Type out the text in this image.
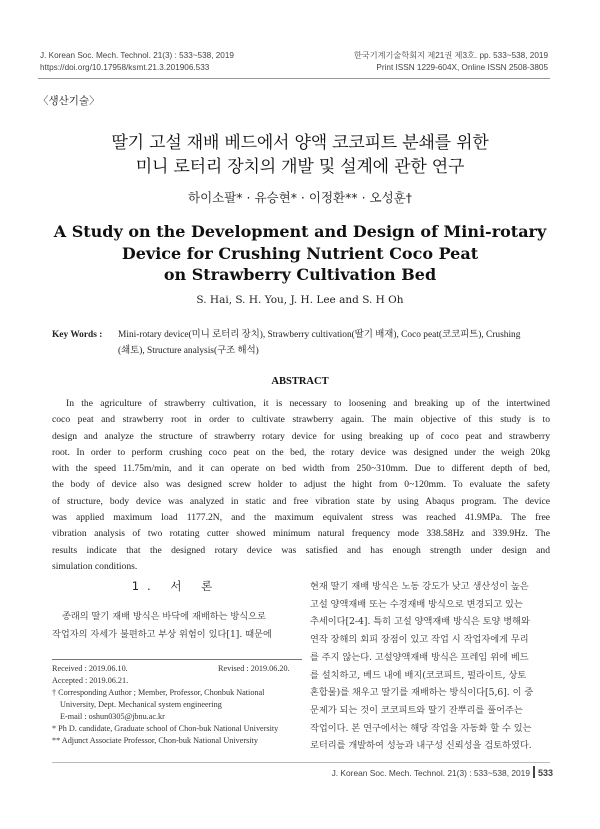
J. Korean Soc. Mech. Technol. 21(3) : 533~538, 2019
https://doi.org/10.17958/ksmt.21.3.201906.533
한국기계기술학회지 제21권 제3호. pp. 533~538, 2019
Print ISSN 1229-604X, Online ISSN 2508-3805
〈생산기술〉
딸기 고설 재배 베드에서 양액 코코피트 분쇄를 위한
미니 로터리 장치의 개발 및 설계에 관한 연구
하이소팔* · 유승현* · 이정환** · 오성훈†
A Study on the Development and Design of Mini-rotary
Device for Crushing Nutrient Coco Peat
on Strawberry Cultivation Bed
S. Hai, S. H. You, J. H. Lee and S. H Oh
Key Words : Mini-rotary device(미니 로터리 장치), Strawberry cultivation(딸기 배재), Coco peat(코코피트), Crushing
(쇄토), Structure analysis(구조 해석)
ABSTRACT
In the agriculture of strawberry cultivation, it is necessary to loosening and breaking up of the intertwined
coco peat and strawberry root in order to cultivate strawberry again. The main objective of this study is to
design and analyze the structure of strawberry rotary device for using breaking up of coco peat and strawberry
root. In order to perform crushing coco peat on the bed, the rotary device was designed under the weigh 20kg
with the speed 11.75m/min, and it can operate on bed width from 250~310mm. Due to different depth of bed,
the body of device also was designed screw holder to adjust the hight from 0~120mm. To evaluate the safety
of structure, body device was analyzed in static and free vibration state by using Abaqus program. The device
was applied maximum load 1177.2N, and the maximum equivalent stress was reached 41.9MPa. The free
vibration analysis of two rotating cutter showed minimum natural frequency mode 338.58Hz and 339.9Hz. The
results indicate that the designed rotary device was satisfied and has enough strength under design and
simulation conditions.
1. 서 론
종래의 딸기 재배 방식은 바닥에 재배하는 방식으로
작업자의 자세가 불편하고 부상 위험이 있다[1]. 때문에
Received : 2019.06.10.	Revised : 2019.06.20.
Accepted : 2019.06.21.
† Corresponding Author ; Member, Professor, Chonbuk National
University, Dept. Mechanical system engineering
E-mail : oshun0305@jbnu.ac.kr
* Ph D. candidate, Graduate school of Chon-buk National University
** Adjunct Associate Professor, Chon-buk National University
현재 딸기 재배 방식은 노동 강도가 낮고 생산성이 높은
고설 양액재배 또는 수경재배 방식으로 변경되고 있는
추세이다[2-4]. 특히 고설 양액재배 방식은 토양 병해와
연작 장해의 회피 장점이 있고 작업 시 작업자에게 무리
를 주지 않는다. 고설양액재배 방식은 프레임 위에 베드
를 설치하고, 베드 내에 배지(코코피트, 펄라이트, 상토
혼합물)를 채우고 딸기를 재배하는 방식이다[5,6]. 이 중
문제가 되는 것이 코코피트와 딸기 잔뿌리를 풀어주는
작업이다. 본 연구에서는 해당 작업을 자동화 할 수 있는
로터리를 개발하여 성능과 내구성 신뢰성을 검토하였다.
J. Korean Soc. Mech. Technol. 21(3) : 533~538, 2019 533
